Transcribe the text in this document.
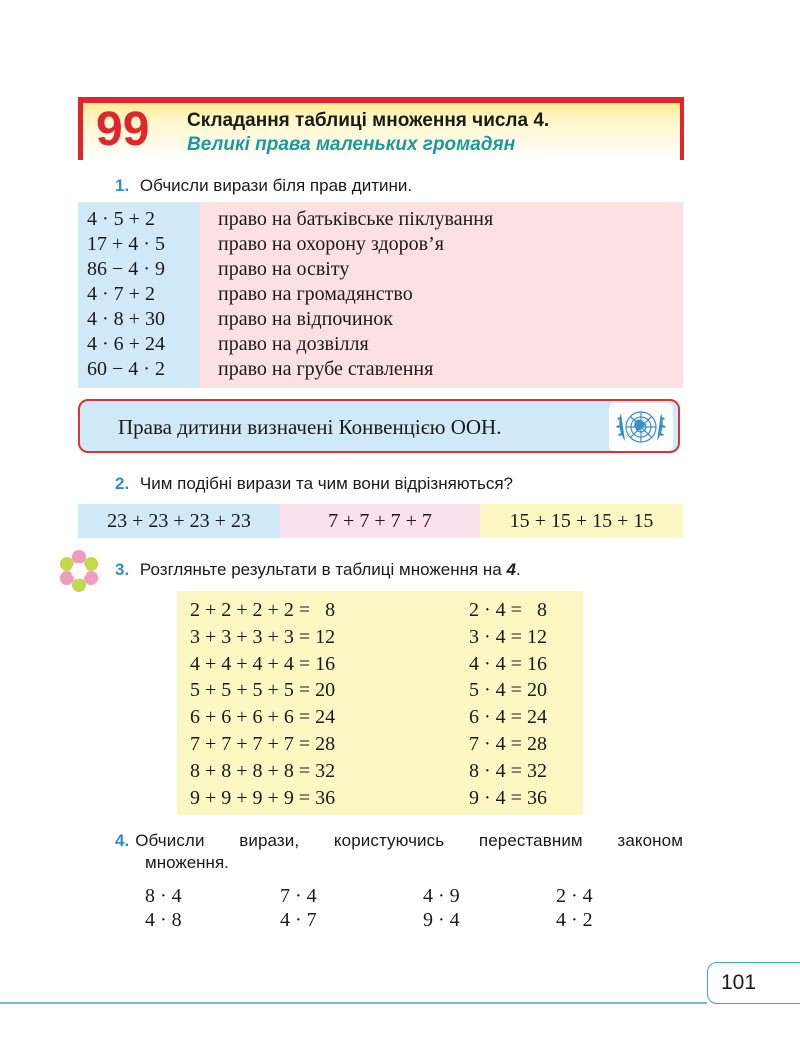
99 Складання таблиці множення числа 4.
Великі права маленьких громадян
1. Обчисли вирази біля прав дитини.
4 · 5 + 2
17 + 4 · 5
86 − 4 · 9
4 · 7 + 2
4 · 8 + 30
4 · 6 + 24
60 − 4 · 2
право на батьківське піклування
право на охорону здоров’я
право на освіту
право на громадянство
право на відпочинок
право на дозвілля
право на грубе ставлення
Права дитини визначені Конвенцією ООН.
2. Чим подібні вирази та чим вони відрізняються?
23 + 23 + 23 + 23	7 + 7 + 7 + 7	15 + 15 + 15 + 15
3. Розгляньте результати в таблиці множення на 4.
2 + 2 + 2 + 2 =   8
3 + 3 + 3 + 3 = 12
4 + 4 + 4 + 4 = 16
5 + 5 + 5 + 5 = 20
6 + 6 + 6 + 6 = 24
7 + 7 + 7 + 7 = 28
8 + 8 + 8 + 8 = 32
9 + 9 + 9 + 9 = 36
2 · 4 =   8
3 · 4 = 12
4 · 4 = 16
5 · 4 = 20
6 · 4 = 24
7 · 4 = 28
8 · 4 = 32
9 · 4 = 36
4. Обчисли вирази, користуючись переставним законом
множення.
8 · 4
4 · 8
7 · 4
4 · 7
4 · 9
9 · 4
2 · 4
4 · 2
101
